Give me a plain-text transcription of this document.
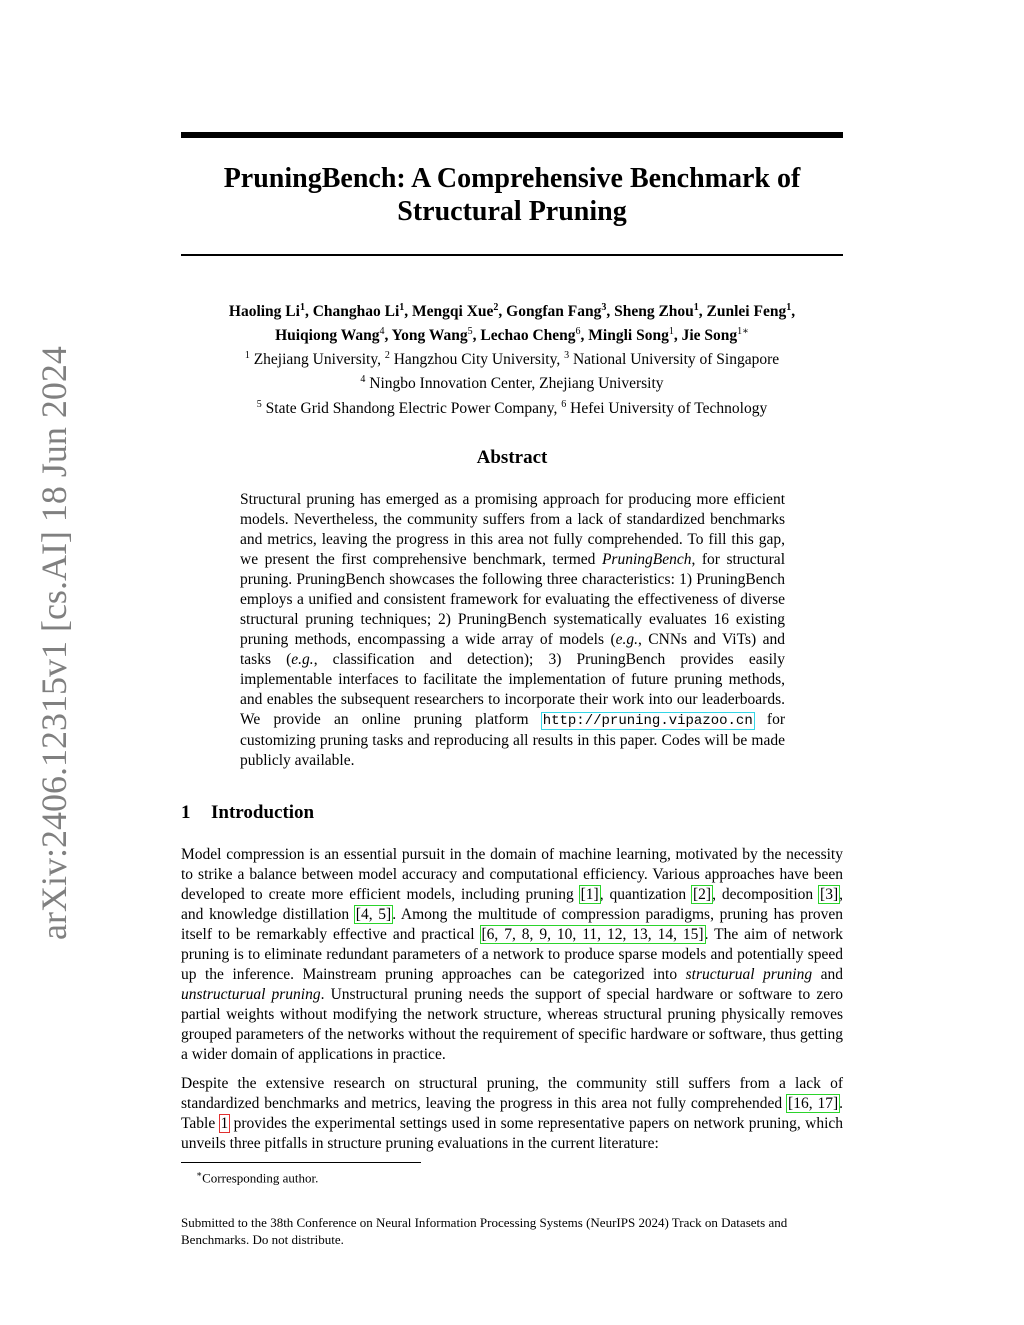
arXiv:2406.12315v1 [cs.AI] 18 Jun 2024
PruningBench: A Comprehensive Benchmark of
Structural Pruning
Haoling Li$^1$, Changhao Li$^1$, Mengqi Xue$^2$, Gongfan Fang$^3$, Sheng Zhou$^1$, Zunlei Feng$^1$,
Huiqiong Wang$^4$, Yong Wang$^5$, Lechao Cheng$^6$, Mingli Song$^1$, Jie Song$^{1∗}$
$^1$ Zhejiang University, $^2$ Hangzhou City University, $^3$ National University of Singapore
$^4$ Ningbo Innovation Center, Zhejiang University
$^5$ State Grid Shandong Electric Power Company, $^6$ Hefei University of Technology
Abstract
Structural pruning has emerged as a promising approach for producing more efficient models. Nevertheless, the community suffers from a lack of standardized benchmarks and metrics, leaving the progress in this area not fully comprehended. To fill this gap, we present the first comprehensive benchmark, termed PruningBench, for structural pruning. PruningBench showcases the following three characteristics: 1) PruningBench employs a unified and consistent framework for evaluating the effectiveness of diverse structural pruning techniques; 2) PruningBench systematically evaluates 16 existing pruning methods, encompassing a wide array of models (e.g., CNNs and ViTs) and tasks (e.g., classification and detection); 3) PruningBench provides easily implementable interfaces to facilitate the implementation of future pruning methods, and enables the subsequent researchers to incorporate their work into our leaderboards. We provide an online pruning platform http://pruning.vipazoo.cn for customizing pruning tasks and reproducing all results in this paper. Codes will be made publicly available.
1 Introduction

Model compression is an essential pursuit in the domain of machine learning, motivated by the necessity to strike a balance between model accuracy and computational efficiency. Various approaches have been developed to create more efficient models, including pruning [1], quantization [2], decomposition [3], and knowledge distillation [4, 5]. Among the multitude of compression paradigms, pruning has proven itself to be remarkably effective and practical [6, 7, 8, 9, 10, 11, 12, 13, 14, 15]. The aim of network pruning is to eliminate redundant parameters of a network to produce sparse models and potentially speed up the inference. Mainstream pruning approaches can be categorized into structurual pruning and unstructurual pruning. Unstructural pruning needs the support of special hardware or software to zero partial weights without modifying the network structure, whereas structural pruning physically removes grouped parameters of the networks without the requirement of specific hardware or software, thus getting a wider domain of applications in practice.

Despite the extensive research on structural pruning, the community still suffers from a lack of standardized benchmarks and metrics, leaving the progress in this area not fully comprehended [16, 17]. Table 1 provides the experimental settings used in some representative papers on network pruning, which unveils three pitfalls in structure pruning evaluations in the current literature:

∗Corresponding author.
Submitted to the 38th Conference on Neural Information Processing Systems (NeurIPS 2024) Track on Datasets and Benchmarks. Do not distribute.
